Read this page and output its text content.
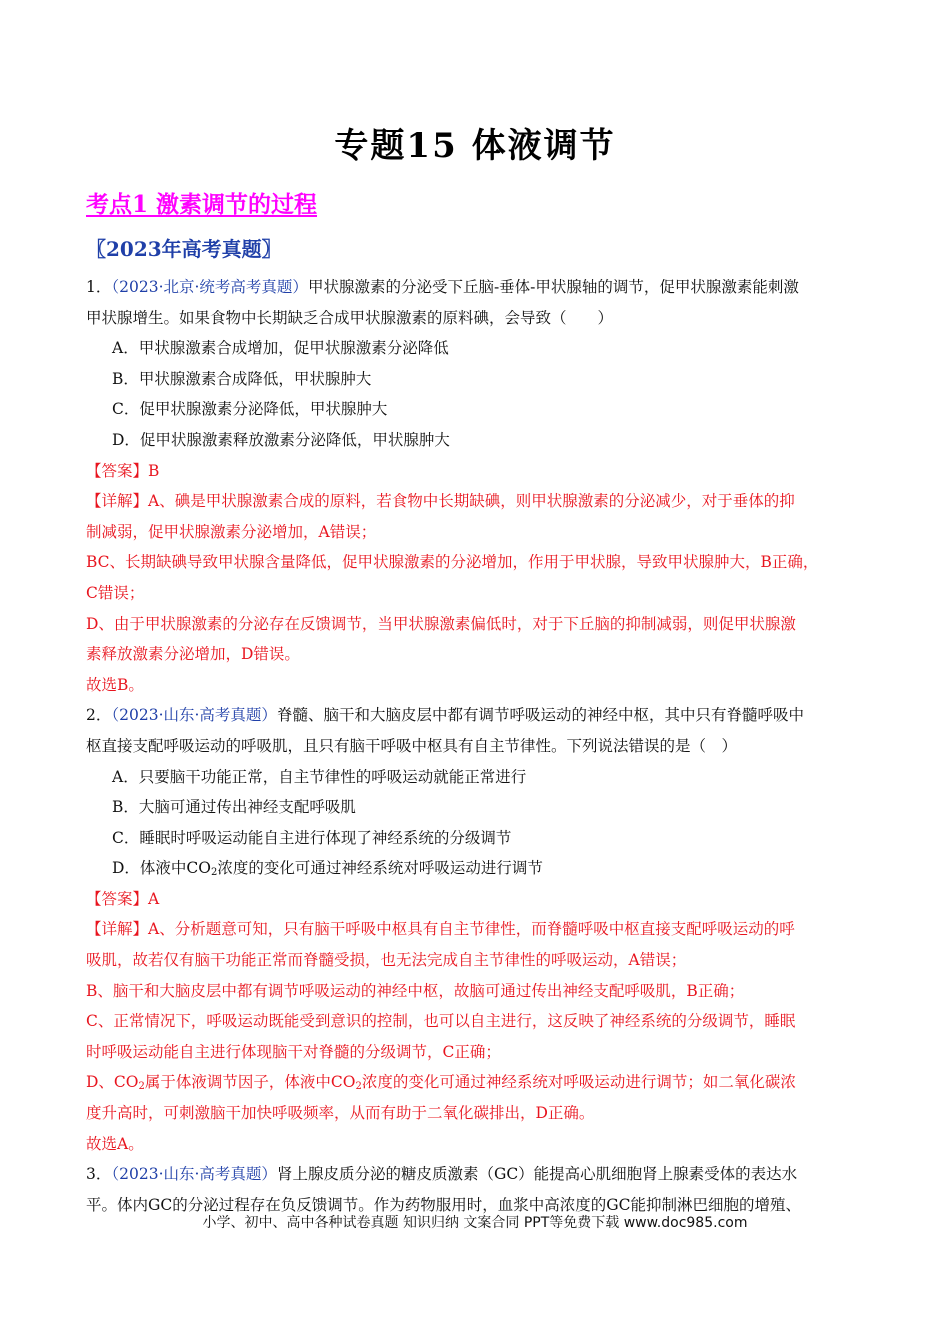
专题15 体液调节
考点1 激素调节的过程
〖2023年高考真题〗
1．（2023·北京·统考高考真题）甲状腺激素的分泌受下丘脑-垂体-甲状腺轴的调节，促甲状腺激素能刺激
甲状腺增生。如果食物中长期缺乏合成甲状腺激素的原料碘，会导致（　　）
A．甲状腺激素合成增加，促甲状腺激素分泌降低
B．甲状腺激素合成降低，甲状腺肿大
C．促甲状腺激素分泌降低，甲状腺肿大
D．促甲状腺激素释放激素分泌降低，甲状腺肿大
【答案】B
【详解】A、碘是甲状腺激素合成的原料，若食物中长期缺碘，则甲状腺激素的分泌减少，对于垂体的抑
制减弱，促甲状腺激素分泌增加，A错误；
BC、长期缺碘导致甲状腺含量降低，促甲状腺激素的分泌增加，作用于甲状腺，导致甲状腺肿大，B正确，
C错误；
D、由于甲状腺激素的分泌存在反馈调节，当甲状腺激素偏低时，对于下丘脑的抑制减弱，则促甲状腺激
素释放激素分泌增加，D错误。
故选B。
2．（2023·山东·高考真题）脊髓、脑干和大脑皮层中都有调节呼吸运动的神经中枢，其中只有脊髓呼吸中
枢直接支配呼吸运动的呼吸肌，且只有脑干呼吸中枢具有自主节律性。下列说法错误的是（　）
A．只要脑干功能正常，自主节律性的呼吸运动就能正常进行
B．大脑可通过传出神经支配呼吸肌
C．睡眠时呼吸运动能自主进行体现了神经系统的分级调节
D．体液中$CO_2$浓度的变化可通过神经系统对呼吸运动进行调节
【答案】A
【详解】A、分析题意可知，只有脑干呼吸中枢具有自主节律性，而脊髓呼吸中枢直接支配呼吸运动的呼
吸肌，故若仅有脑干功能正常而脊髓受损，也无法完成自主节律性的呼吸运动，A错误；
B、脑干和大脑皮层中都有调节呼吸运动的神经中枢，故脑可通过传出神经支配呼吸肌，B正确；
C、正常情况下，呼吸运动既能受到意识的控制，也可以自主进行，这反映了神经系统的分级调节，睡眠
时呼吸运动能自主进行体现脑干对脊髓的分级调节，C正确；
D、$CO_2$属于体液调节因子，体液中$CO_2$浓度的变化可通过神经系统对呼吸运动进行调节；如二氧化碳浓
度升高时，可刺激脑干加快呼吸频率，从而有助于二氧化碳排出，D正确。
故选A。
3．（2023·山东·高考真题）肾上腺皮质分泌的糖皮质激素（GC）能提高心肌细胞肾上腺素受体的表达水
平。体内GC的分泌过程存在负反馈调节。作为药物服用时，血浆中高浓度的GC能抑制淋巴细胞的增殖、
小学、初中、高中各种试卷真题 知识归纳 文案合同 PPT等免费下载 www.doc985.com
